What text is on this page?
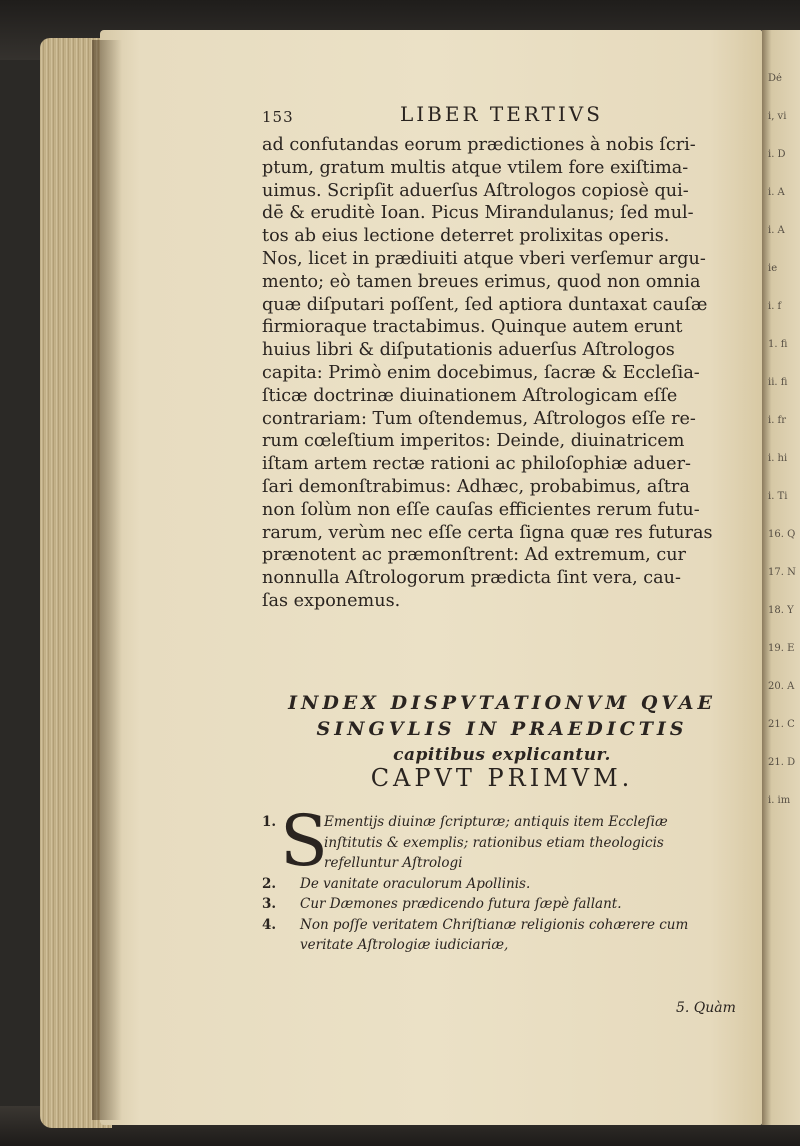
Dé
i, vi
i. D
i. A
i. A
ie
i. f
1. fi
ii. fi
i. fr
i. hi
i. Ti
16. Q
17. N
18. Y
19. E
20. A
21. C
21. D
i. im
153	LIBER TERTIVS
ad confutandas eorum prædictiones à nobis ſcri-
ptum, gratum multis atque vtilem fore exiſtima-
uimus. Scripſit aduerſus Aſtrologos copiosè qui-
dē & eruditè Ioan. Picus Mirandulanus; ſed mul-
tos ab eius lectione deterret prolixitas operis.
Nos, licet in prædiuiti atque vberi verſemur argu-
mento; eò tamen breues erimus, quod non omnia
quæ diſputari poſſent, ſed aptiora duntaxat cauſæ
firmioraque tractabimus. Quinque autem erunt
huius libri & diſputationis aduerſus Aſtrologos
capita: Primò enim docebimus, ſacræ & Eccleſia-
ſticæ doctrinæ diuinationem Aſtrologicam eſſe
contrariam: Tum oſtendemus, Aſtrologos eſſe re-
rum cœleſtium imperitos: Deinde, diuinatricem
iſtam artem rectæ rationi ac philoſophiæ aduer-
ſari demonſtrabimus: Adhæc, probabimus, aſtra
non ſolùm non eſſe cauſas efficientes rerum futu-
rarum, verùm nec eſſe certa ſigna quæ res futuras
prænotent ac præmonſtrent: Ad extremum, cur
nonnulla Aſtrologorum prædicta ſint vera, cau-
ſas exponemus.
INDEX DISPVTATIONVM QVAE
SINGVLIS IN PRAEDICTIS
capitibus explicantur.
CAPVT PRIMVM.
1. S
Ementijs diuinæ ſcripturæ; antiquis item Eccleſiæ
inſtitutis & exemplis; rationibus etiam theologicis
refelluntur Aſtrologi
2.	De vanitate oraculorum Apollinis.
3.	Cur Dæmones prædicendo futura ſæpè fallant.
4.	Non poſſe veritatem Chriſtianæ religionis cohærere cum
veritate Aſtrologiæ iudiciariæ,
5. Quàm
